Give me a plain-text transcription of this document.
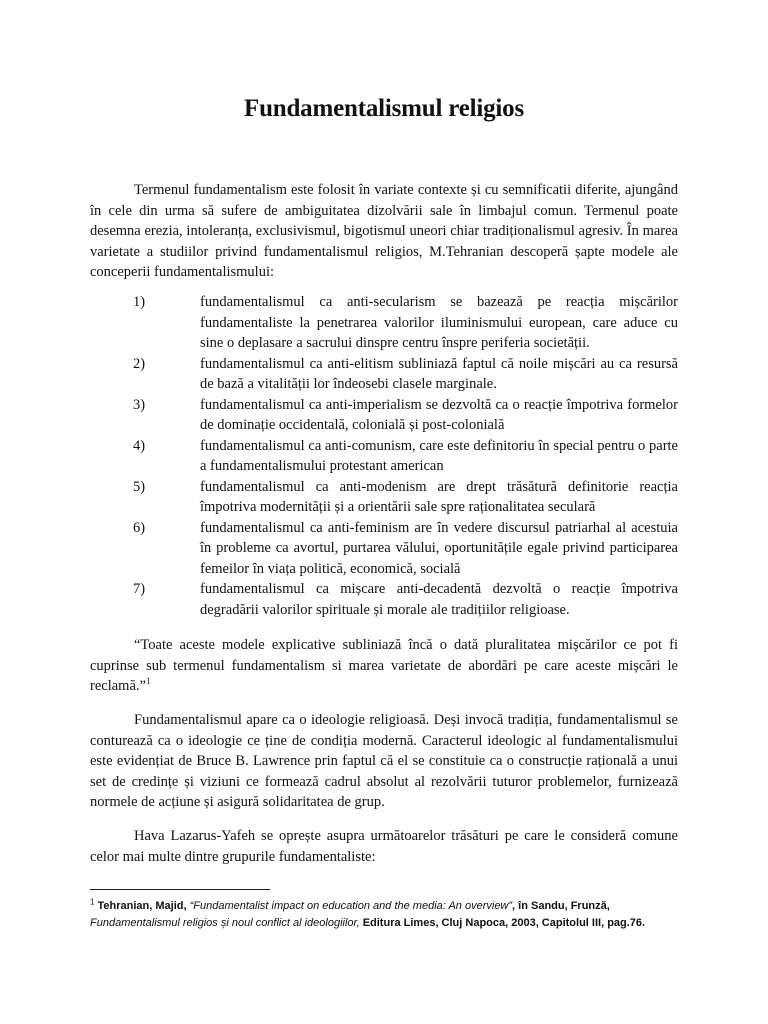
Fundamentalismul religios

Termenul fundamentalism este folosit în variate contexte și cu semnificatii diferite, ajungând în cele din urma să sufere de ambiguitatea dizolvării sale în limbajul comun. Termenul poate desemna erezia, intoleranța, exclusivismul, bigotismul uneori chiar tradiționalismul agresiv. În marea varietate a studiilor privind fundamentalismul religios, M.Tehranian descoperă șapte modele ale conceperii fundamentalismului:

1)	fundamentalismul ca anti-secularism se bazează pe reacția mișcărilor fundamentaliste la penetrarea valorilor iluminismului european, care aduce cu sine o deplasare a sacrului dinspre centru înspre periferia societății.
2)	fundamentalismul ca anti-elitism subliniază faptul că noile mișcări au ca resursă de bază a vitalității lor îndeosebi clasele marginale.
3)	fundamentalismul ca anti-imperialism se dezvoltă ca o reacție împotriva formelor de dominație occidentală, colonială și post-colonială
4)	fundamentalismul ca anti-comunism, care este definitoriu în special pentru o parte a fundamentalismului protestant american
5)	fundamentalismul ca anti-modenism are drept trăsătură definitorie reacția împotriva modernității și a orientării sale spre raționalitatea seculară
6)	fundamentalismul ca anti-feminism are în vedere discursul patriarhal al acestuia în probleme ca avortul, purtarea vălului, oportunitățile egale privind participarea femeilor în viața politică, economică, socială
7)	fundamentalismul ca mișcare anti-decadentă dezvoltă o reacție împotriva degradării valorilor spirituale și morale ale tradițiilor religioase.

“Toate aceste modele explicative subliniază încă o dată pluralitatea mișcărilor ce pot fi cuprinse sub termenul fundamentalism si marea varietate de abordări pe care aceste mișcări le reclamă.”$^1$

Fundamentalismul apare ca o ideologie religioasă. Deși invocă tradiția, fundamentalismul se conturează ca o ideologie ce ține de condiția modernă. Caracterul ideologic al fundamentalismului este evidențiat de Bruce B. Lawrence prin faptul că el se constituie ca o construcție rațională a unui set de credințe și viziuni ce formează cadrul absolut al rezolvării tuturor problemelor, furnizează normele de acțiune și asigură solidaritatea de grup.

Hava Lazarus-Yafeh se oprește asupra următoarelor trăsături pe care le consideră comune celor mai multe dintre grupurile fundamentaliste:

$^1$ Tehranian, Majid, “Fundamentalist impact on education and the media: An overview”, în Sandu, Frunză,
Fundamentalismul religios și noul conflict al ideologiilor, Editura Limes, Cluj Napoca, 2003, Capitolul III, pag.76.
